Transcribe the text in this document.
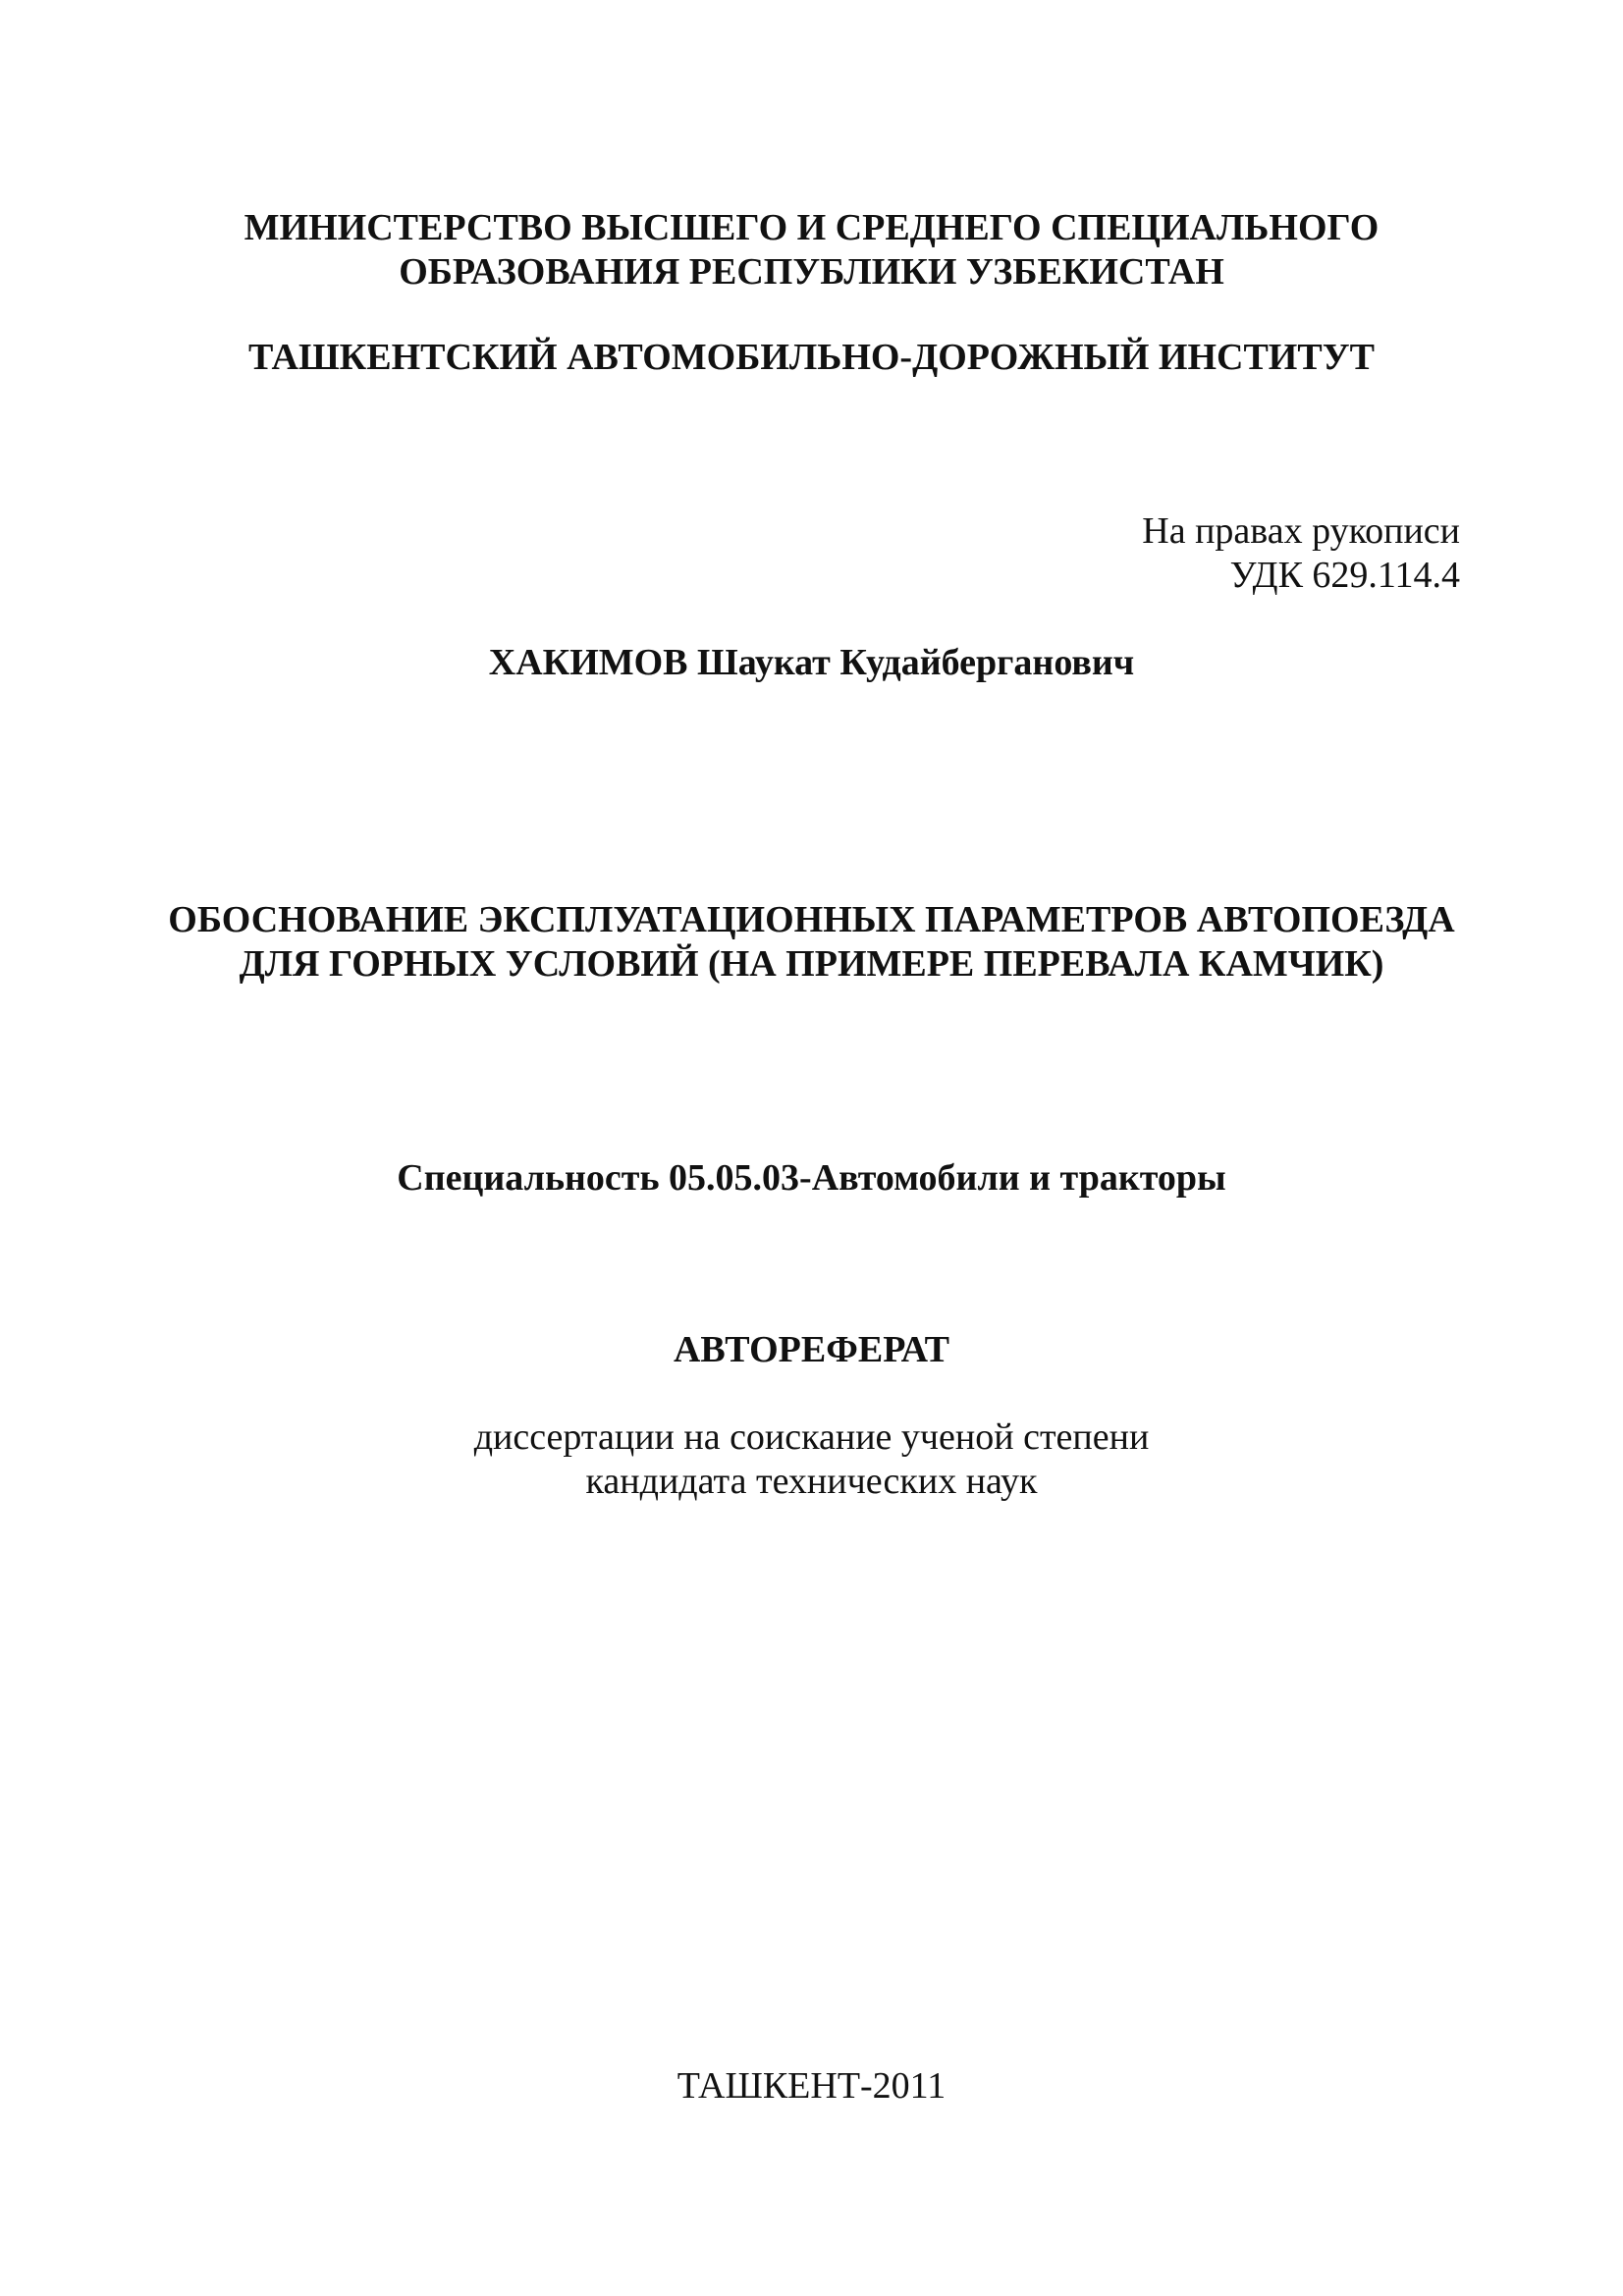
МИНИСТЕРСТВО ВЫСШЕГО И СРЕДНЕГО СПЕЦИАЛЬНОГО

ОБРАЗОВАНИЯ РЕСПУБЛИКИ УЗБЕКИСТАН

ТАШКЕНТСКИЙ АВТОМОБИЛЬНО-ДОРОЖНЫЙ ИНСТИТУТ

На правах рукописи

УДК 629.114.4

ХАКИМОВ Шаукат Кудайберганович

ОБОСНОВАНИЕ ЭКСПЛУАТАЦИОННЫХ ПАРАМЕТРОВ АВТОПОЕЗДА

ДЛЯ ГОРНЫХ УСЛОВИЙ (НА ПРИМЕРЕ ПЕРЕВАЛА КАМЧИК)

Специальность 05.05.03-Автомобили и тракторы

АВТОРЕФЕРАТ

диссертации на соискание ученой степени

кандидата технических наук

ТАШКЕНТ-2011
